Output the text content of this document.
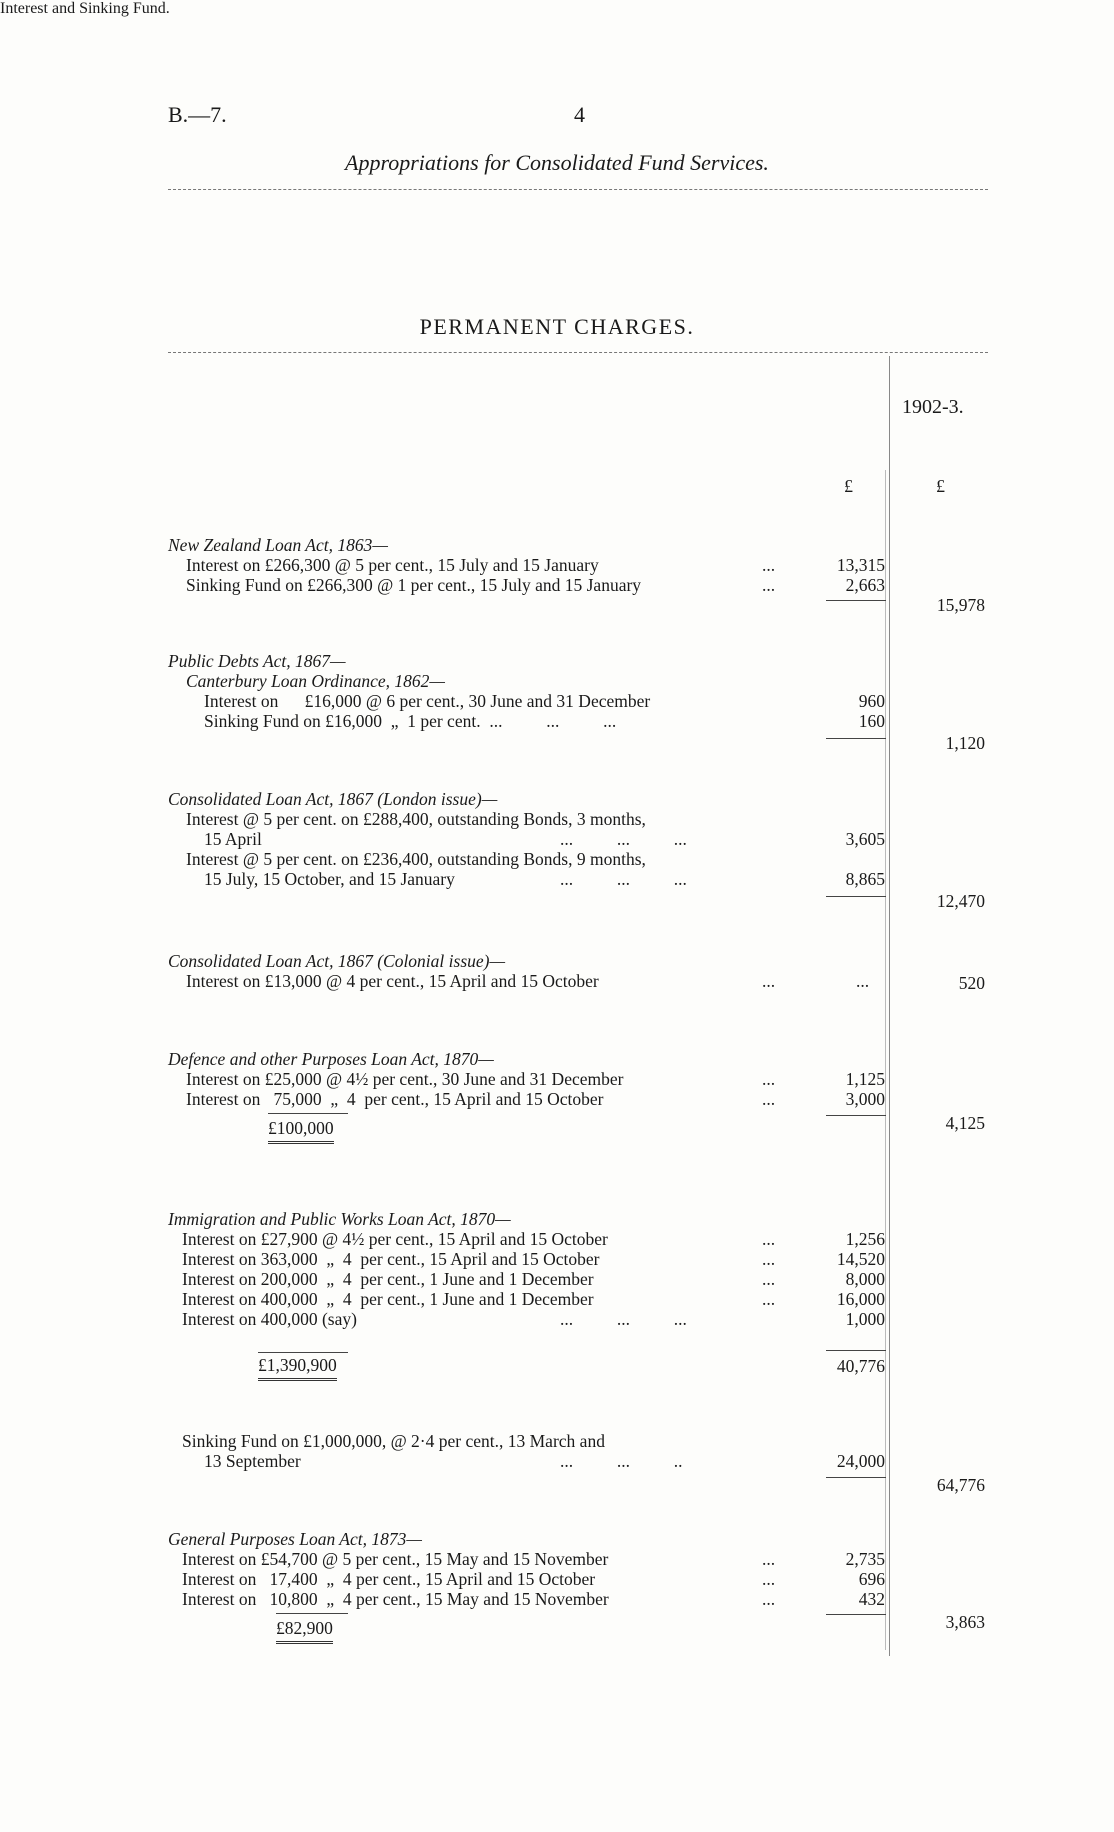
B.—7.	4
Appropriations for Consolidated Fund Services.
PERMANENT CHARGES.
1902-3.
£	£
Interest and Sinking Fund.
New Zealand Loan Act, 1863—
Interest on £266,300 @ 5 per cent., 15 July and 15 January	...	13,315
Sinking Fund on £266,300 @ 1 per cent., 15 July and 15 January	...	2,663
15,978
Public Debts Act, 1867—
Canterbury Loan Ordinance, 1862—
Interest on      £16,000 @ 6 per cent., 30 June and 31 December	960
Sinking Fund on £16,000  „  1 per cent.  ...          ...          ...	160
1,120
Consolidated Loan Act, 1867 (London issue)—
Interest @ 5 per cent. on £288,400, outstanding Bonds, 3 months,
15 April	...          ...          ...	3,605
Interest @ 5 per cent. on £236,400, outstanding Bonds, 9 months,
15 July, 15 October, and 15 January	...          ...          ...	8,865
12,470
Consolidated Loan Act, 1867 (Colonial issue)—
Interest on £13,000 @ 4 per cent., 15 April and 15 October	...	...	520
Defence and other Purposes Loan Act, 1870—
Interest on £25,000 @ 4½ per cent., 30 June and 31 December	...	1,125
Interest on   75,000  „  4  per cent., 15 April and 15 October	...	3,000
£100,000	4,125
Immigration and Public Works Loan Act, 1870—
Interest on £27,900 @ 4½ per cent., 15 April and 15 October	...	1,256
Interest on 363,000  „  4  per cent., 15 April and 15 October	...	14,520
Interest on 200,000  „  4  per cent., 1 June and 1 December	...	8,000
Interest on 400,000  „  4  per cent., 1 June and 1 December	...	16,000
Interest on 400,000 (say)	...          ...          ...	1,000
£1,390,900	40,776
Sinking Fund on £1,000,000, @ 2·4 per cent., 13 March and
13 September	...          ...          ..	24,000
64,776
General Purposes Loan Act, 1873—
Interest on £54,700 @ 5 per cent., 15 May and 15 November	...	2,735
Interest on   17,400  „  4 per cent., 15 April and 15 October	...	696
Interest on   10,800  „  4 per cent., 15 May and 15 November	...	432
£82,900	3,863
